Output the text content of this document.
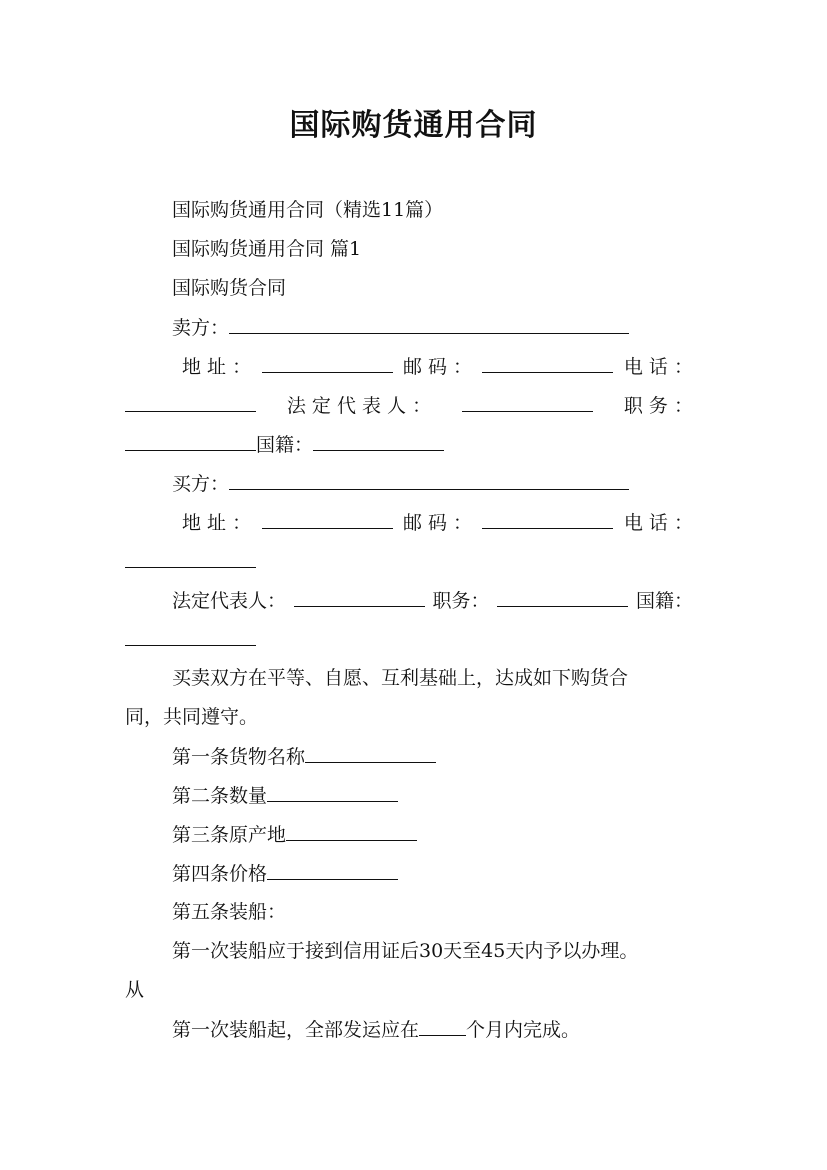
国际购货通用合同
国际购货通用合同（精选11篇）
国际购货通用合同 篇1
国际购货合同
卖方：
地 址 ：	邮 码 ：	电 话 ：
法 定 代 表 人 ：	职 务 ：
国籍：
买方：
地 址 ：	邮 码 ：	电 话 ：
法定代表人：	职务：	国籍：
买卖双方在平等、自愿、互利基础上，达成如下购货合
同，共同遵守。
第一条货物名称
第二条数量
第三条原产地
第四条价格
第五条装船：
第一次装船应于接到信用证后30天至45天内予以办理。
从
第一次装船起，全部发运应在 个月内完成。
